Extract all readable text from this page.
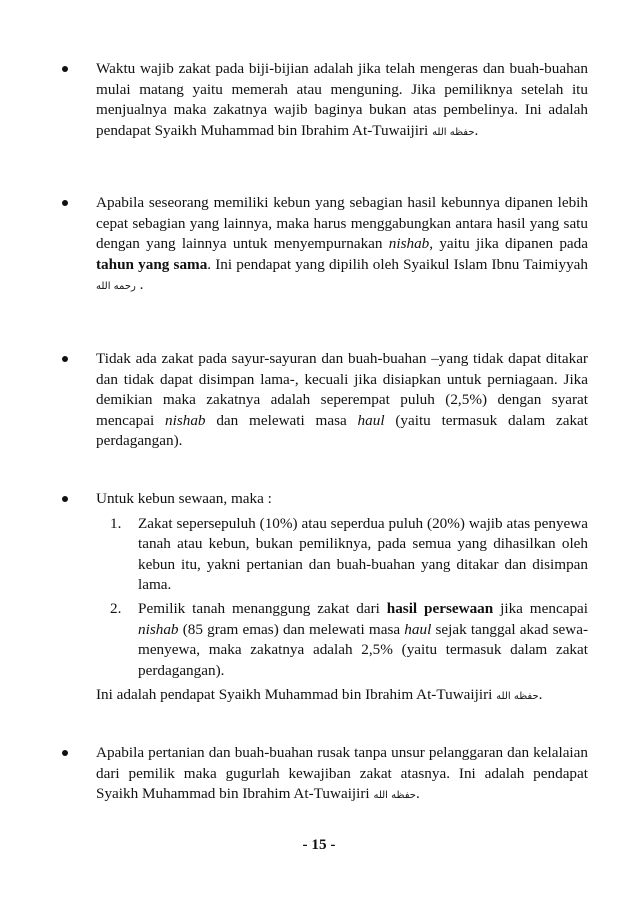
Waktu wajib zakat pada biji-bijian adalah jika telah mengeras dan buah-buahan mulai matang yaitu memerah atau menguning. Jika pemiliknya setelah itu menjualnya maka zakatnya wajib baginya bukan atas pembelinya. Ini adalah pendapat Syaikh Muhammad bin Ibrahim At-Tuwaijiri حفظه الله.

Apabila seseorang memiliki kebun yang sebagian hasil kebunnya dipanen lebih cepat sebagian yang lainnya, maka harus menggabungkan antara hasil yang satu dengan yang lainnya untuk menyempurnakan nishab, yaitu jika dipanen pada tahun yang sama. Ini pendapat yang dipilih oleh Syaikul Islam Ibnu Taimiyyah رحمه الله .

Tidak ada zakat pada sayur-sayuran dan buah-buahan –yang tidak dapat ditakar dan tidak dapat disimpan lama-, kecuali jika disiapkan untuk perniagaan. Jika demikian maka zakatnya adalah seperempat puluh (2,5%) dengan syarat mencapai nishab dan melewati masa haul (yaitu termasuk dalam zakat perdagangan).

Untuk kebun sewaan, maka :

1. Zakat sepersepuluh (10%) atau seperdua puluh (20%) wajib atas penyewa tanah atau kebun, bukan pemiliknya, pada semua yang dihasilkan oleh kebun itu, yakni pertanian dan buah-buahan yang ditakar dan disimpan lama.

2. Pemilik tanah menanggung zakat dari hasil persewaan jika mencapai nishab (85 gram emas) dan melewati masa haul sejak tanggal akad sewa-menyewa, maka zakatnya adalah 2,5% (yaitu termasuk dalam zakat perdagangan).

Ini adalah pendapat Syaikh Muhammad bin Ibrahim At-Tuwaijiri حفظه الله.

Apabila pertanian dan buah-buahan rusak tanpa unsur pelanggaran dan kelalaian dari pemilik maka gugurlah kewajiban zakat atasnya. Ini adalah pendapat Syaikh Muhammad bin Ibrahim At-Tuwaijiri حفظه الله.

- 15 -
